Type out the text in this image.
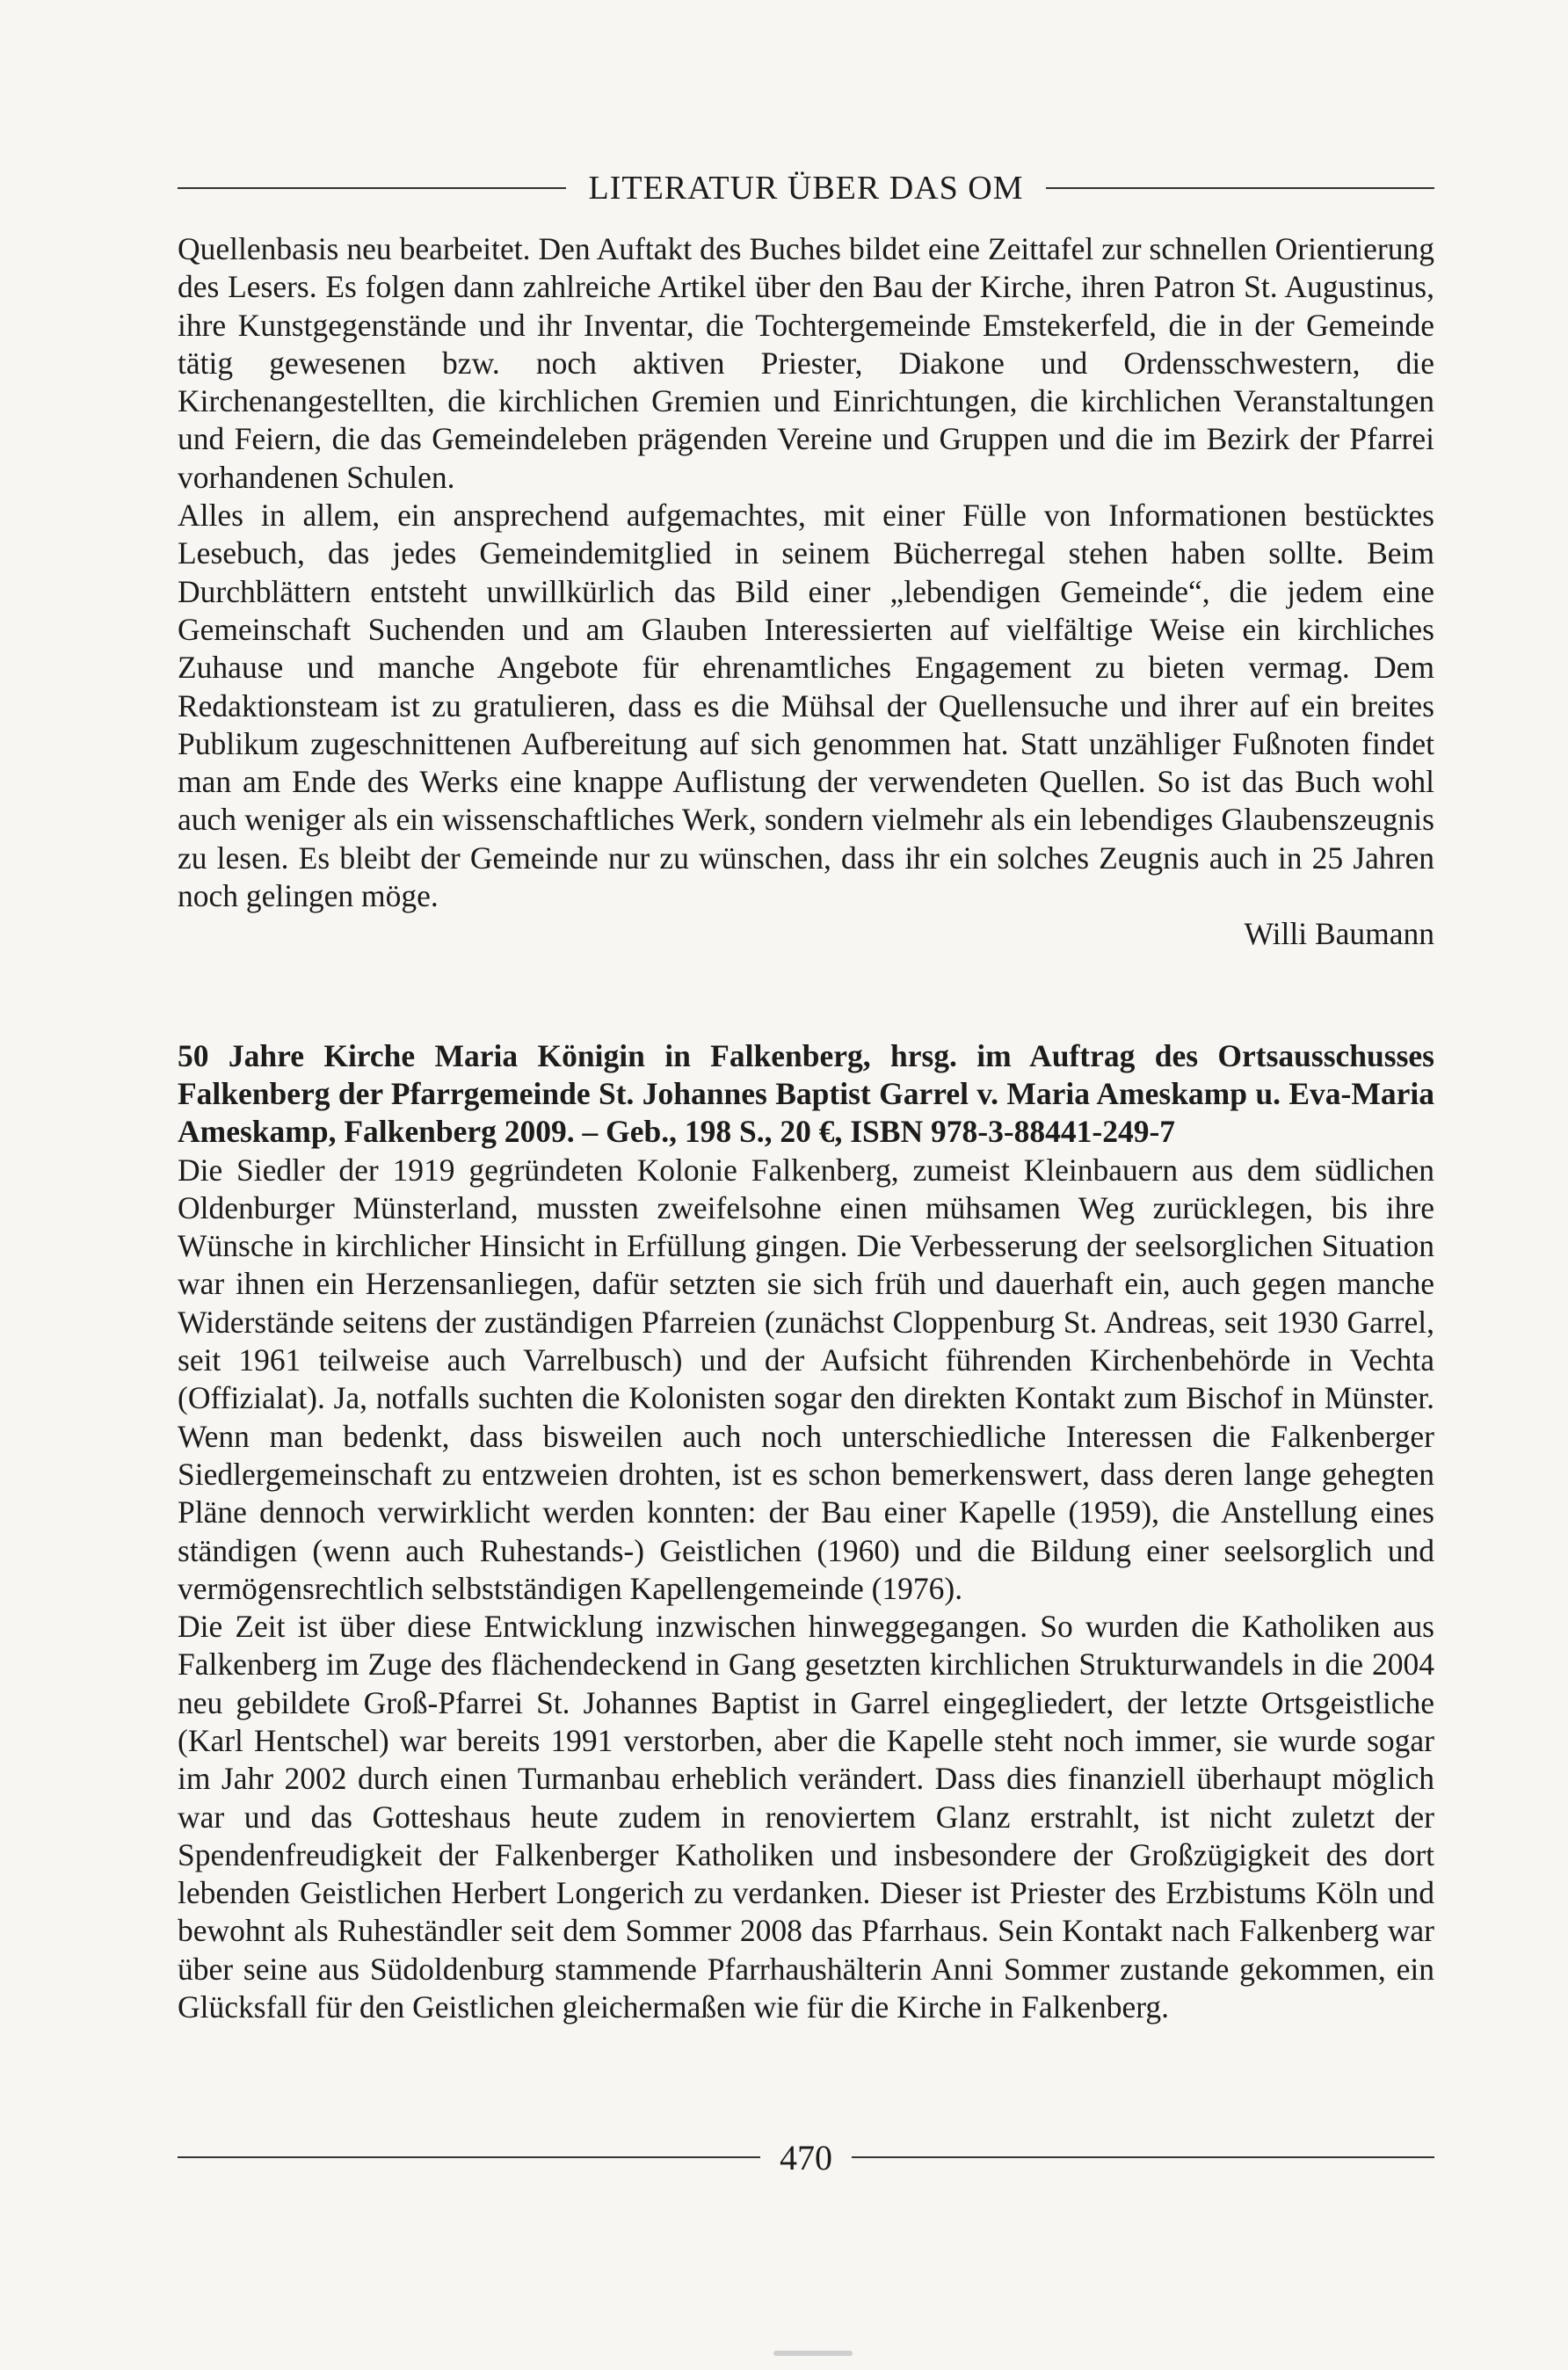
LITERATUR ÜBER DAS OM

Quellenbasis neu bearbeitet. Den Auftakt des Buches bildet eine Zeittafel zur schnellen Orientierung des Lesers. Es folgen dann zahlreiche Artikel über den Bau der Kirche, ihren Patron St. Augustinus, ihre Kunstgegenstände und ihr Inventar, die Tochtergemeinde Emstekerfeld, die in der Gemeinde tätig gewesenen bzw. noch aktiven Priester, Diakone und Ordensschwestern, die Kirchenangestellten, die kirchlichen Gremien und Einrichtungen, die kirchlichen Veranstaltungen und Feiern, die das Gemeindeleben prägenden Vereine und Gruppen und die im Bezirk der Pfarrei vorhandenen Schulen.

Alles in allem, ein ansprechend aufgemachtes, mit einer Fülle von Informationen bestücktes Lesebuch, das jedes Gemeindemitglied in seinem Bücherregal stehen haben sollte. Beim Durchblättern entsteht unwillkürlich das Bild einer „lebendigen Gemeinde“, die jedem eine Gemeinschaft Suchenden und am Glauben Interessierten auf vielfältige Weise ein kirchliches Zuhause und manche Angebote für ehrenamtliches Engagement zu bieten vermag. Dem Redaktionsteam ist zu gratulieren, dass es die Mühsal der Quellensuche und ihrer auf ein breites Publikum zugeschnittenen Aufbereitung auf sich genommen hat. Statt unzähliger Fußnoten findet man am Ende des Werks eine knappe Auflistung der verwendeten Quellen. So ist das Buch wohl auch weniger als ein wissenschaftliches Werk, sondern vielmehr als ein lebendiges Glaubenszeugnis zu lesen. Es bleibt der Gemeinde nur zu wünschen, dass ihr ein solches Zeugnis auch in 25 Jahren noch gelingen möge.

Willi Baumann

50 Jahre Kirche Maria Königin in Falkenberg, hrsg. im Auftrag des Ortsausschusses Falkenberg der Pfarrgemeinde St. Johannes Baptist Garrel v. Maria Ameskamp u. Eva-Maria Ameskamp, Falkenberg 2009. – Geb., 198 S., 20 €, ISBN 978-3-88441-249-7

Die Siedler der 1919 gegründeten Kolonie Falkenberg, zumeist Kleinbauern aus dem südlichen Oldenburger Münsterland, mussten zweifelsohne einen mühsamen Weg zurücklegen, bis ihre Wünsche in kirchlicher Hinsicht in Erfüllung gingen. Die Verbesserung der seelsorglichen Situation war ihnen ein Herzensanliegen, dafür setzten sie sich früh und dauerhaft ein, auch gegen manche Widerstände seitens der zuständigen Pfarreien (zunächst Cloppenburg St. Andreas, seit 1930 Garrel, seit 1961 teilweise auch Varrelbusch) und der Aufsicht führenden Kirchenbehörde in Vechta (Offizialat). Ja, notfalls suchten die Kolonisten sogar den direkten Kontakt zum Bischof in Münster. Wenn man bedenkt, dass bisweilen auch noch unterschiedliche Interessen die Falkenberger Siedlergemeinschaft zu entzweien drohten, ist es schon bemerkenswert, dass deren lange gehegten Pläne dennoch verwirklicht werden konnten: der Bau einer Kapelle (1959), die Anstellung eines ständigen (wenn auch Ruhestands-) Geistlichen (1960) und die Bildung einer seelsorglich und vermögensrechtlich selbstständigen Kapellengemeinde (1976).

Die Zeit ist über diese Entwicklung inzwischen hinweggegangen. So wurden die Katholiken aus Falkenberg im Zuge des flächendeckend in Gang gesetzten kirchlichen Strukturwandels in die 2004 neu gebildete Groß-Pfarrei St. Johannes Baptist in Garrel eingegliedert, der letzte Ortsgeistliche (Karl Hentschel) war bereits 1991 verstorben, aber die Kapelle steht noch immer, sie wurde sogar im Jahr 2002 durch einen Turmanbau erheblich verändert. Dass dies finanziell überhaupt möglich war und das Gotteshaus heute zudem in renoviertem Glanz erstrahlt, ist nicht zuletzt der Spendenfreudigkeit der Falkenberger Katholiken und insbesondere der Großzügigkeit des dort lebenden Geistlichen Herbert Longerich zu verdanken. Dieser ist Priester des Erzbistums Köln und bewohnt als Ruheständler seit dem Sommer 2008 das Pfarrhaus. Sein Kontakt nach Falkenberg war über seine aus Südoldenburg stammende Pfarrhaushälterin Anni Sommer zustande gekommen, ein Glücksfall für den Geistlichen gleichermaßen wie für die Kirche in Falkenberg.

470
